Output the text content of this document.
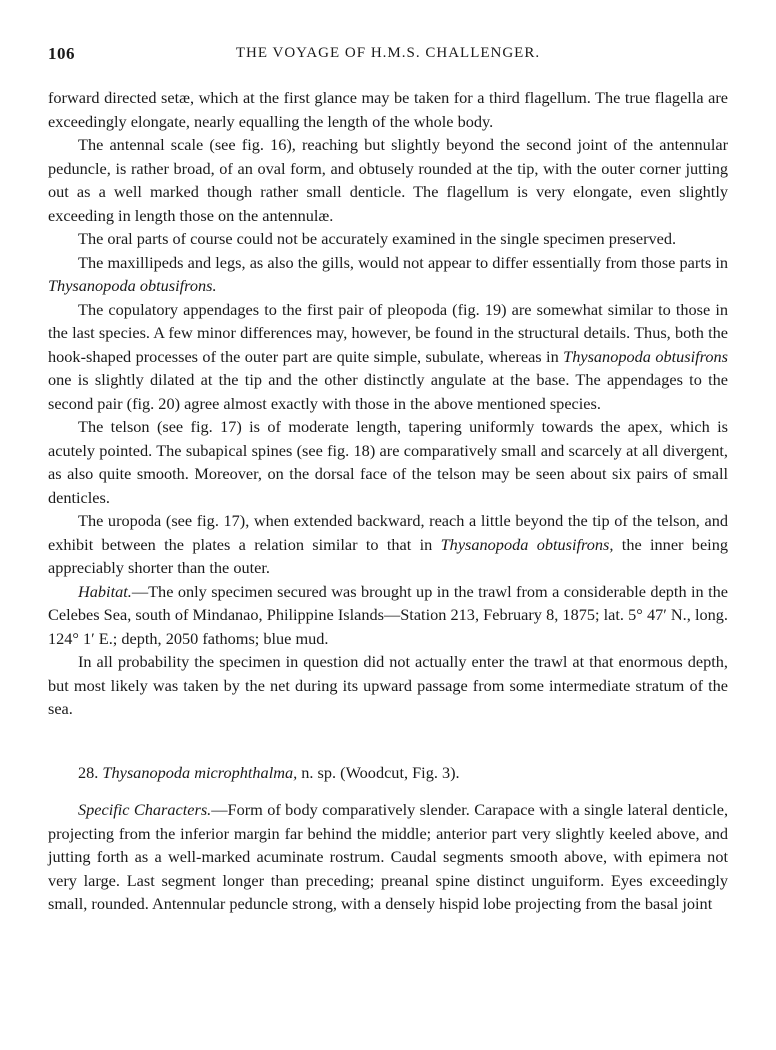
106	THE VOYAGE OF H.M.S. CHALLENGER.

forward directed setæ, which at the first glance may be taken for a third flagellum. The true flagella are exceedingly elongate, nearly equalling the length of the whole body.

The antennal scale (see fig. 16), reaching but slightly beyond the second joint of the antennular peduncle, is rather broad, of an oval form, and obtusely rounded at the tip, with the outer corner jutting out as a well marked though rather small denticle. The flagellum is very elongate, even slightly exceeding in length those on the antennulæ.

The oral parts of course could not be accurately examined in the single specimen preserved.

The maxillipeds and legs, as also the gills, would not appear to differ essentially from those parts in Thysanopoda obtusifrons.

The copulatory appendages to the first pair of pleopoda (fig. 19) are somewhat similar to those in the last species. A few minor differences may, however, be found in the structural details. Thus, both the hook-shaped processes of the outer part are quite simple, subulate, whereas in Thysanopoda obtusifrons one is slightly dilated at the tip and the other distinctly angulate at the base. The appendages to the second pair (fig. 20) agree almost exactly with those in the above mentioned species.

The telson (see fig. 17) is of moderate length, tapering uniformly towards the apex, which is acutely pointed. The subapical spines (see fig. 18) are comparatively small and scarcely at all divergent, as also quite smooth. Moreover, on the dorsal face of the telson may be seen about six pairs of small denticles.

The uropoda (see fig. 17), when extended backward, reach a little beyond the tip of the telson, and exhibit between the plates a relation similar to that in Thysanopoda obtusifrons, the inner being appreciably shorter than the outer.

Habitat.—The only specimen secured was brought up in the trawl from a considerable depth in the Celebes Sea, south of Mindanao, Philippine Islands—Station 213, February 8, 1875; lat. 5° 47′ N., long. 124° 1′ E.; depth, 2050 fathoms; blue mud.

In all probability the specimen in question did not actually enter the trawl at that enormous depth, but most likely was taken by the net during its upward passage from some intermediate stratum of the sea.

28. Thysanopoda microphthalma, n. sp. (Woodcut, Fig. 3).

Specific Characters.—Form of body comparatively slender. Carapace with a single lateral denticle, projecting from the inferior margin far behind the middle; anterior part very slightly keeled above, and jutting forth as a well-marked acuminate rostrum. Caudal segments smooth above, with epimera not very large. Last segment longer than preceding; preanal spine distinct unguiform. Eyes exceedingly small, rounded. Antennular peduncle strong, with a densely hispid lobe projecting from the basal joint
